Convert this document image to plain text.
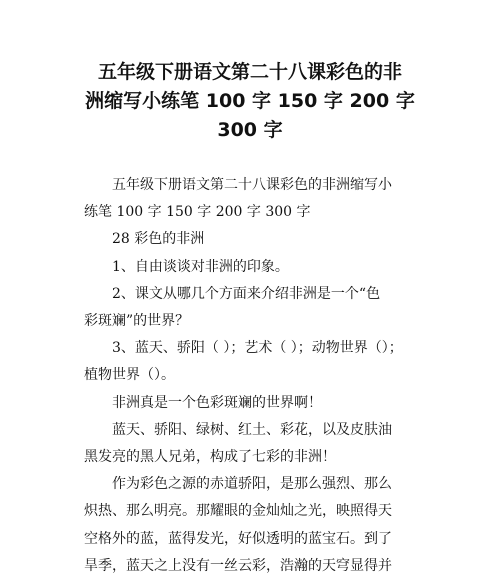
五年级下册语文第二十八课彩色的非
洲缩写小练笔 100 字 150 字 200 字
300 字
五年级下册语文第二十八课彩色的非洲缩写小
练笔 100 字 150 字 200 字 300 字
28 彩色的非洲
1、自由谈谈对非洲的印象。
2、课文从哪几个方面来介绍非洲是一个“色
彩斑斓”的世界？
3、蓝天、骄阳（ ）；艺术（ ）；动物世界（）；
植物世界（）。
非洲真是一个色彩斑斓的世界啊！
蓝天、骄阳、绿树、红土、彩花，以及皮肤油
黑发亮的黑人兄弟，构成了七彩的非洲！
作为彩色之源的赤道骄阳，是那么强烈、那么
炽热、那么明亮。那耀眼的金灿灿之光，映照得天
空格外的蓝，蓝得发光，好似透明的蓝宝石。到了
旱季，蓝天之上没有一丝云彩，浩瀚的天穹显得并
